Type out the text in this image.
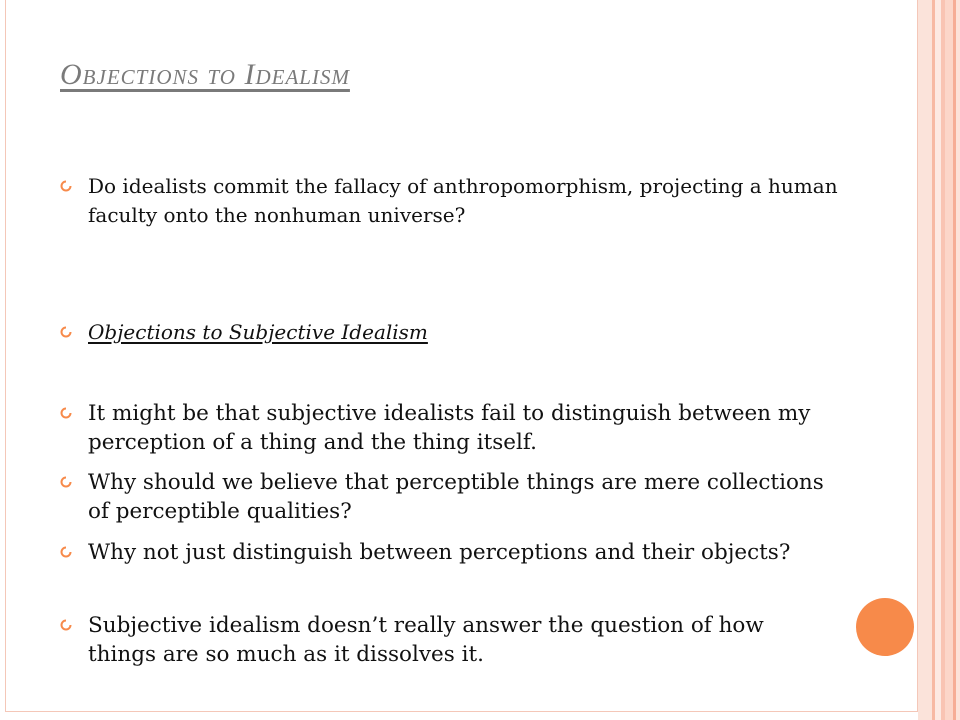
Objections to Idealism
Do idealists commit the fallacy of anthropomorphism, projecting a human faculty onto the nonhuman universe?
Objections to Subjective Idealism
It might be that subjective idealists fail to distinguish between my perception of a thing and the thing itself.
Why should we believe that perceptible things are mere collections of perceptible qualities?
Why not just distinguish between perceptions and their objects?
Subjective idealism doesn’t really answer the question of how things are so much as it dissolves it.
